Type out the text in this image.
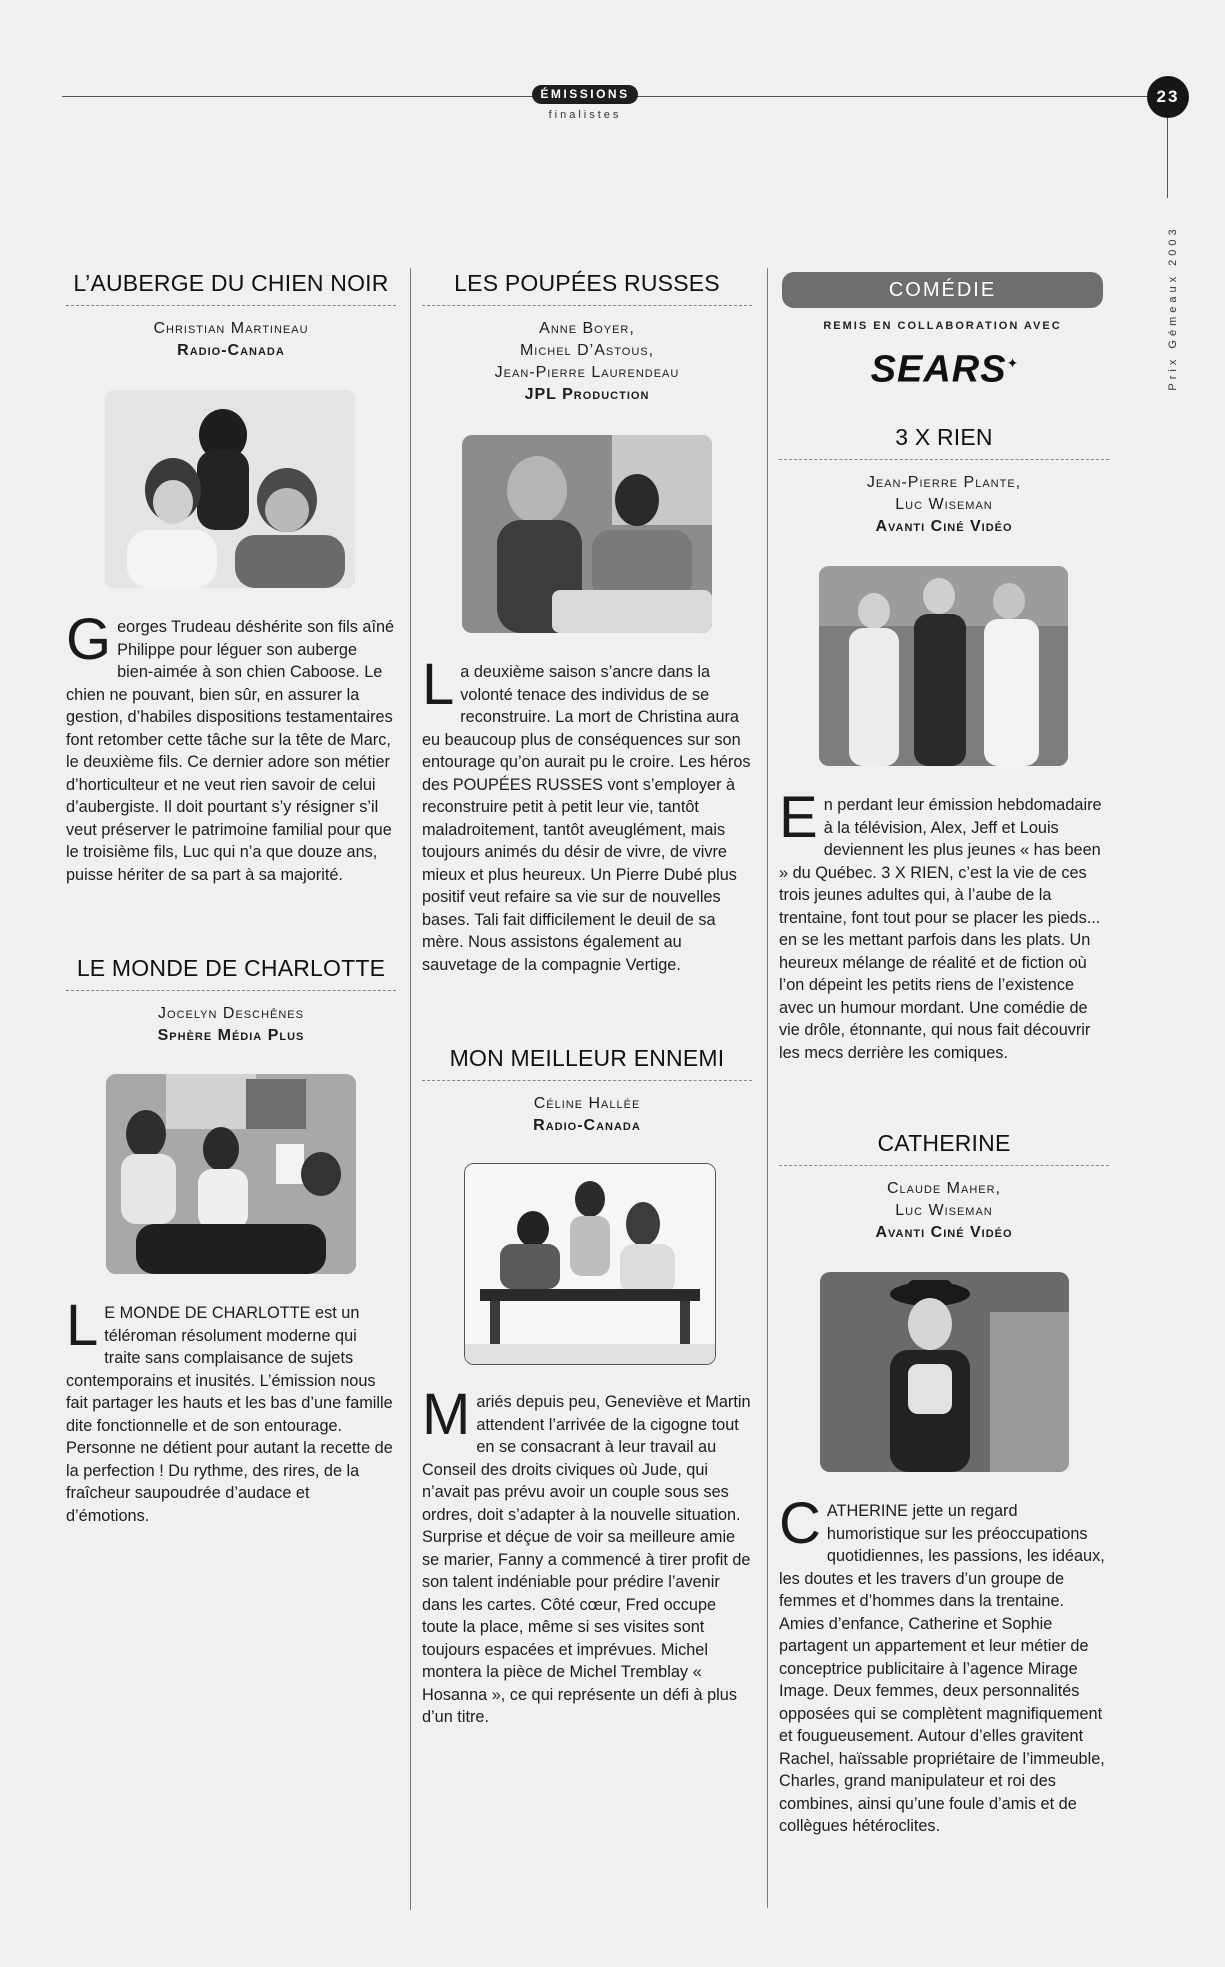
ÉMISSIONS
finalistes
23
Prix Gémeaux 2003
L’AUBERGE DU CHIEN NOIR
Christian Martineau
Radio-Canada

Georges Trudeau déshérite son fils aîné Philippe pour léguer son auberge bien-aimée à son chien Caboose. Le chien ne pouvant, bien sûr, en assurer la gestion, d’habiles dispositions testamentaires font retomber cette tâche sur la tête de Marc, le deuxième fils. Ce dernier adore son métier d’horticulteur et ne veut rien savoir de celui d’aubergiste. Il doit pourtant s’y résigner s’il veut préserver le patrimoine familial pour que le troisième fils, Luc qui n’a que douze ans, puisse hériter de sa part à sa majorité.

LE MONDE DE CHARLOTTE
Jocelyn Deschênes
Sphère Média Plus

L E MONDE DE CHARLOTTE est un téléroman résolument moderne qui traite sans complaisance de sujets contemporains et inusités. L’émission nous fait partager les hauts et les bas d’une famille dite fonctionnelle et de son entourage. Personne ne détient pour autant la recette de la perfection ! Du rythme, des rires, de la fraîcheur saupoudrée d’audace et d’émotions.

LES POUPÉES RUSSES
Anne Boyer,
Michel D’Astous,
Jean-Pierre Laurendeau
JPL Production

La deuxième saison s’ancre dans la volonté tenace des individus de se reconstruire. La mort de Christina aura eu beaucoup plus de conséquences sur son entourage qu’on aurait pu le croire. Les héros des POUPÉES RUSSES vont s’employer à reconstruire petit à petit leur vie, tantôt maladroitement, tantôt aveuglément, mais toujours animés du désir de vivre, de vivre mieux et plus heureux. Un Pierre Dubé plus positif veut refaire sa vie sur de nouvelles bases. Tali fait difficilement le deuil de sa mère. Nous assistons également au sauvetage de la compagnie Vertige.

MON MEILLEUR ENNEMI
Céline Hallée
Radio-Canada

Mariés depuis peu, Geneviève et Martin attendent l’arrivée de la cigogne tout en se consacrant à leur travail au Conseil des droits civiques où Jude, qui n’avait pas prévu avoir un couple sous ses ordres, doit s’adapter à la nouvelle situation. Surprise et déçue de voir sa meilleure amie se marier, Fanny a commencé à tirer profit de son talent indéniable pour prédire l’avenir dans les cartes. Côté cœur, Fred occupe toute la place, même si ses visites sont toujours espacées et imprévues. Michel montera la pièce de Michel Tremblay « Hosanna », ce qui représente un défi à plus d’un titre.

COMÉDIE
REMIS EN COLLABORATION AVEC
SEARS✦
3 X RIEN
Jean-Pierre Plante,
Luc Wiseman
Avanti Ciné Vidéo

En perdant leur émission hebdomadaire à la télévision, Alex, Jeff et Louis deviennent les plus jeunes « has been » du Québec. 3 X RIEN, c’est la vie de ces trois jeunes adultes qui, à l’aube de la trentaine, font tout pour se placer les pieds... en se les mettant parfois dans les plats. Un heureux mélange de réalité et de fiction où l’on dépeint les petits riens de l’existence avec un humour mordant. Une comédie de vie drôle, étonnante, qui nous fait découvrir les mecs derrière les comiques.

CATHERINE
Claude Maher,
Luc Wiseman
Avanti Ciné Vidéo

CATHERINE jette un regard humoristique sur les préoccupations quotidiennes, les passions, les idéaux, les doutes et les travers d’un groupe de femmes et d’hommes dans la trentaine. Amies d’enfance, Catherine et Sophie partagent un appartement et leur métier de conceptrice publicitaire à l’agence Mirage Image. Deux femmes, deux personnalités opposées qui se complètent magnifiquement et fougueusement. Autour d’elles gravitent Rachel, haïssable propriétaire de l’immeuble, Charles, grand manipulateur et roi des combines, ainsi qu’une foule d’amis et de collègues hétéroclites.
